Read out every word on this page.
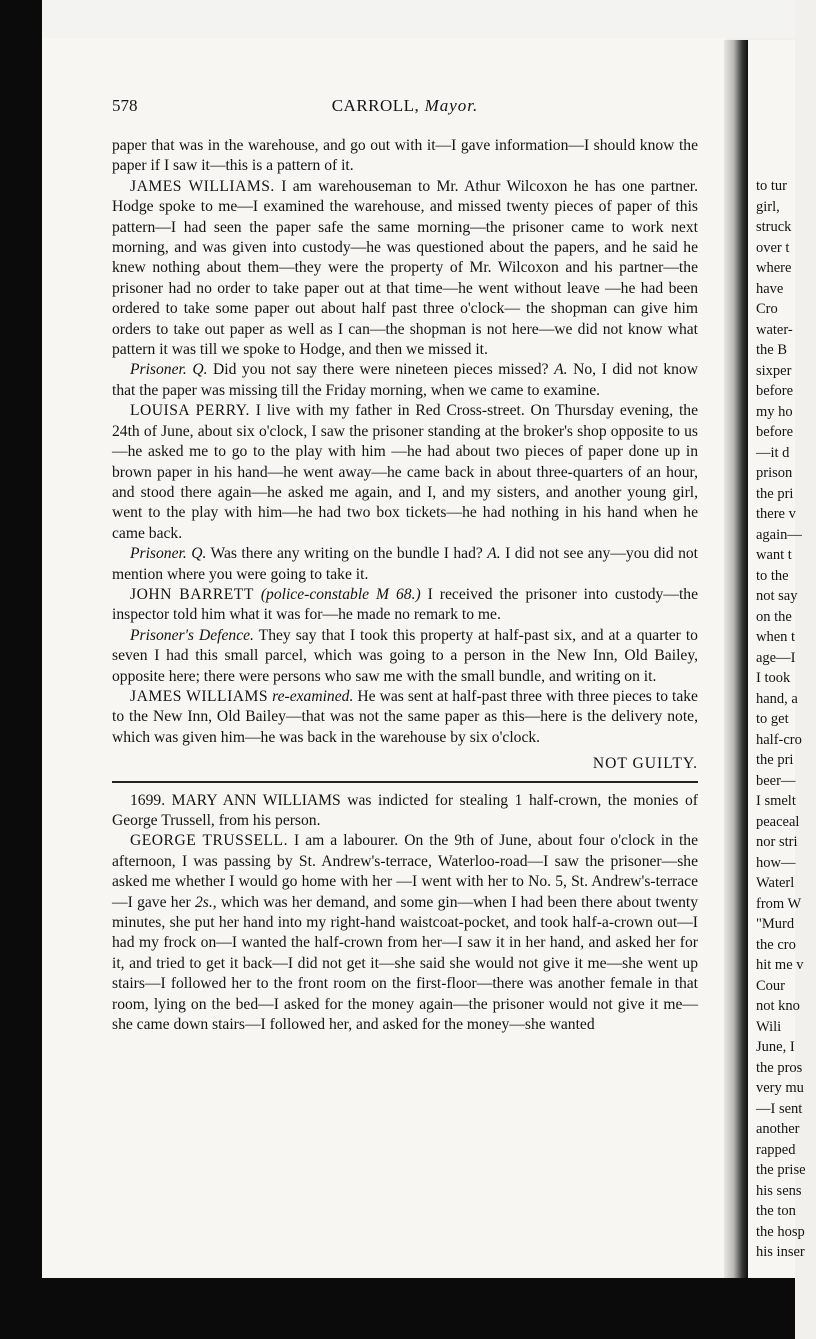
to tur
girl,
struck
over t
where
have
Cro
water-
the B
sixper
before
my ho
before
—it d
prison
the pri
there v
again—
want t
to the
not say
on the
when t
age—I
I took
hand, a
to get
half-cro
the pri
beer—
I smelt
peaceal
nor stri
how—
Waterl
from W
"Murd
the cro
hit me v
Cour
not kno
Wili
June, I
the pros
very mu
—I sent
another
rapped
the prise
his sens
the ton
the hosp
his inser
578	CARROLL, Mayor.

paper that was in the warehouse, and go out with it—I gave information—I should know the paper if I saw it—this is a pattern of it.

JAMES WILLIAMS. I am warehouseman to Mr. Athur Wilcoxon he has one partner. Hodge spoke to me—I examined the warehouse, and missed twenty pieces of paper of this pattern—I had seen the paper safe the same morning—the prisoner came to work next morning, and was given into custody—he was questioned about the papers, and he said he knew nothing about them—they were the property of Mr. Wilcoxon and his partner—the prisoner had no order to take paper out at that time—he went without leave —he had been ordered to take some paper out about half past three o'clock— the shopman can give him orders to take out paper as well as I can—the shopman is not here—we did not know what pattern it was till we spoke to Hodge, and then we missed it.

Prisoner. Q. Did you not say there were nineteen pieces missed? A. No, I did not know that the paper was missing till the Friday morning, when we came to examine.

LOUISA PERRY. I live with my father in Red Cross-street. On Thursday evening, the 24th of June, about six o'clock, I saw the prisoner standing at the broker's shop opposite to us—he asked me to go to the play with him —he had about two pieces of paper done up in brown paper in his hand—he went away—he came back in about three-quarters of an hour, and stood there again—he asked me again, and I, and my sisters, and another young girl, went to the play with him—he had two box tickets—he had nothing in his hand when he came back.

Prisoner. Q. Was there any writing on the bundle I had? A. I did not see any—you did not mention where you were going to take it.

JOHN BARRETT (police-constable M 68.) I received the prisoner into custody—the inspector told him what it was for—he made no remark to me.

Prisoner's Defence. They say that I took this property at half-past six, and at a quarter to seven I had this small parcel, which was going to a person in the New Inn, Old Bailey, opposite here; there were persons who saw me with the small bundle, and writing on it.

JAMES WILLIAMS re-examined. He was sent at half-past three with three pieces to take to the New Inn, Old Bailey—that was not the same paper as this—here is the delivery note, which was given him—he was back in the warehouse by six o'clock.

NOT GUILTY.

1699. MARY ANN WILLIAMS was indicted for stealing 1 half-crown, the monies of George Trussell, from his person.

GEORGE TRUSSELL. I am a labourer. On the 9th of June, about four o'clock in the afternoon, I was passing by St. Andrew's-terrace, Waterloo-road—I saw the prisoner—she asked me whether I would go home with her —I went with her to No. 5, St. Andrew's-terrace—I gave her 2s., which was her demand, and some gin—when I had been there about twenty minutes, she put her hand into my right-hand waistcoat-pocket, and took half-a-crown out—I had my frock on—I wanted the half-crown from her—I saw it in her hand, and asked her for it, and tried to get it back—I did not get it—she said she would not give it me—she went up stairs—I followed her to the front room on the first-floor—there was another female in that room, lying on the bed—I asked for the money again—the prisoner would not give it me— she came down stairs—I followed her, and asked for the money—she wanted
